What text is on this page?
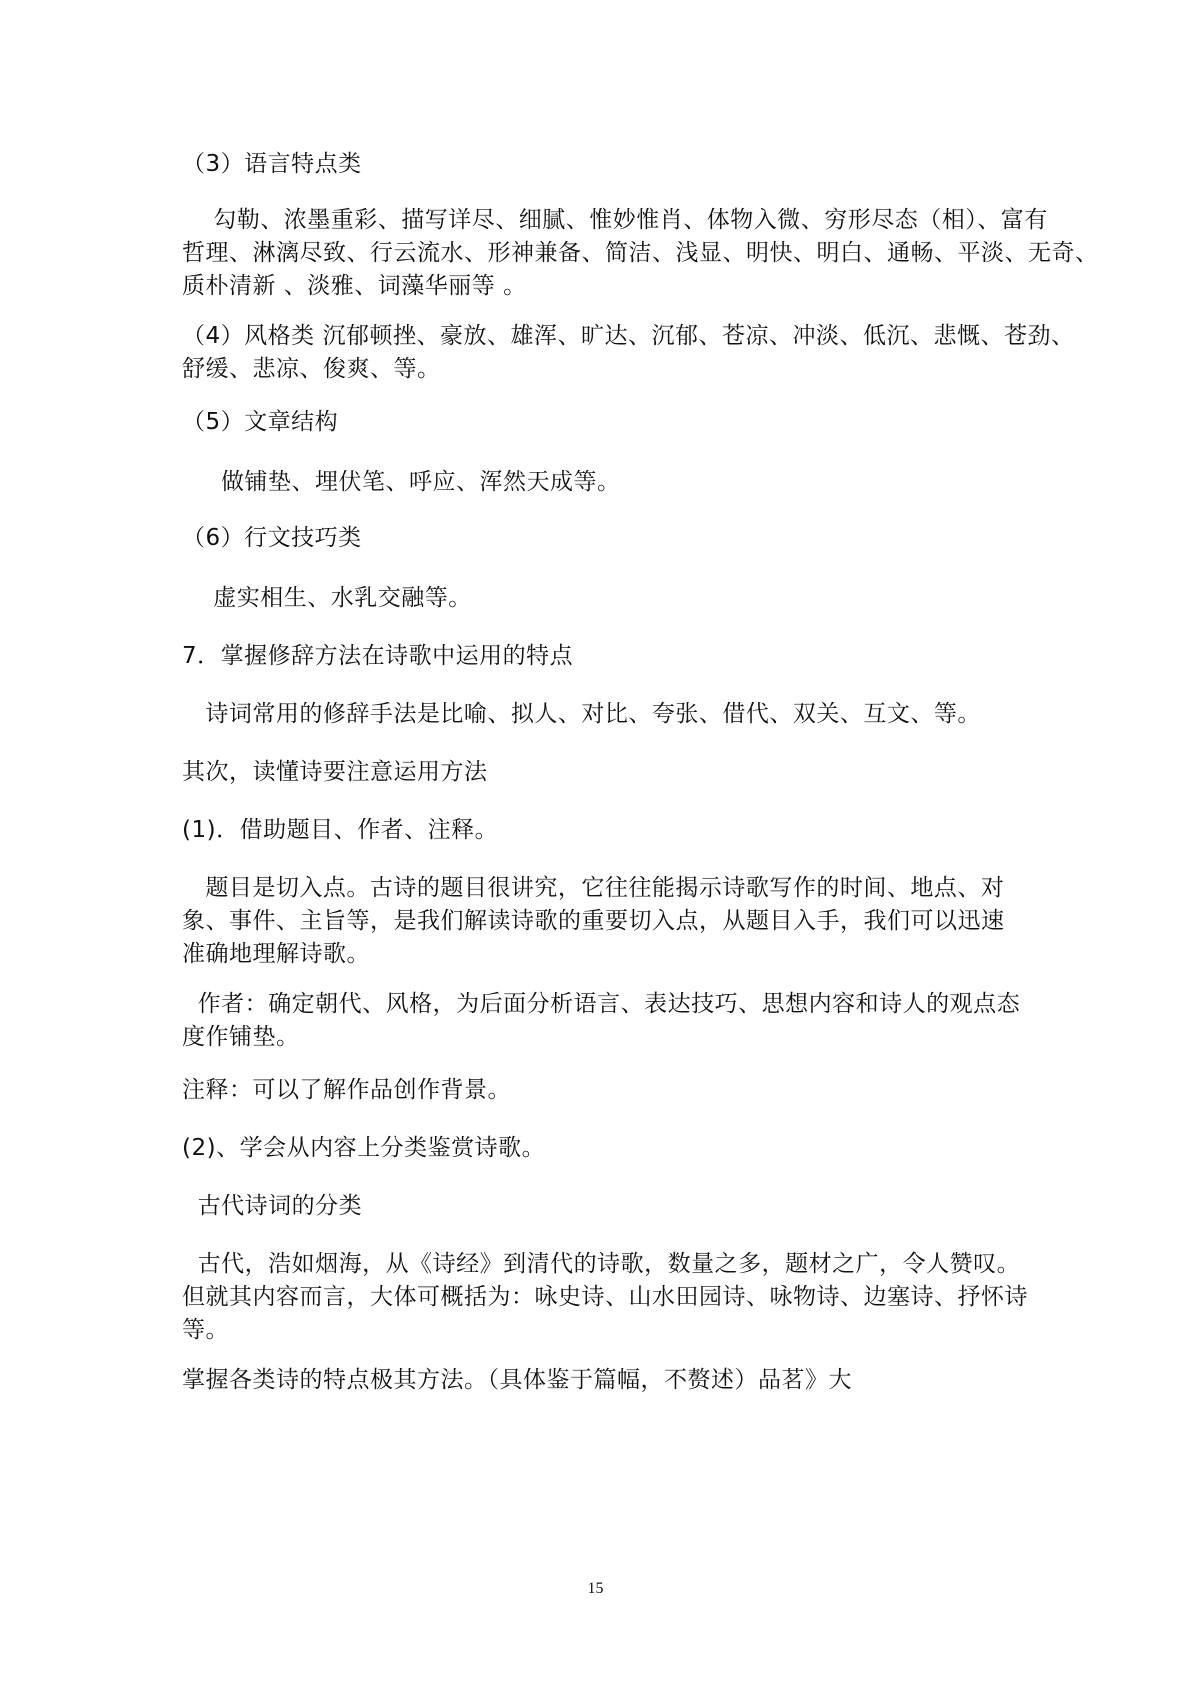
（3）语言特点类
勾勒、浓墨重彩、描写详尽、细腻、惟妙惟肖、体物入微、穷形尽态（相）、富有
哲理、淋漓尽致、行云流水、形神兼备、简洁、浅显、明快、明白、通畅、平淡、无奇、
质朴清新 、淡雅、词藻华丽等 。
（4）风格类 沉郁顿挫、豪放、雄浑、旷达、沉郁、苍凉、冲淡、低沉、悲慨、苍劲、
舒缓、悲凉、俊爽、等。
（5）文章结构
做铺垫、埋伏笔、呼应、浑然天成等。
（6）行文技巧类
虚实相生、水乳交融等。
7．掌握修辞方法在诗歌中运用的特点
诗词常用的修辞手法是比喻、拟人、对比、夸张、借代、双关、互文、等。
其次，读懂诗要注意运用方法
(1)．借助题目、作者、注释。
题目是切入点。古诗的题目很讲究，它往往能揭示诗歌写作的时间、地点、对
象、事件、主旨等，是我们解读诗歌的重要切入点，从题目入手，我们可以迅速
准确地理解诗歌。
作者：确定朝代、风格，为后面分析语言、表达技巧、思想内容和诗人的观点态
度作铺垫。
注释：可以了解作品创作背景。
(2)、学会从内容上分类鉴赏诗歌。
古代诗词的分类
古代，浩如烟海，从《诗经》到清代的诗歌，数量之多，题材之广，令人赞叹。
但就其内容而言，大体可概括为：咏史诗、山水田园诗、咏物诗、边塞诗、抒怀诗
等。
掌握各类诗的特点极其方法。（具体鉴于篇幅，不赘述）品茗》大
15
